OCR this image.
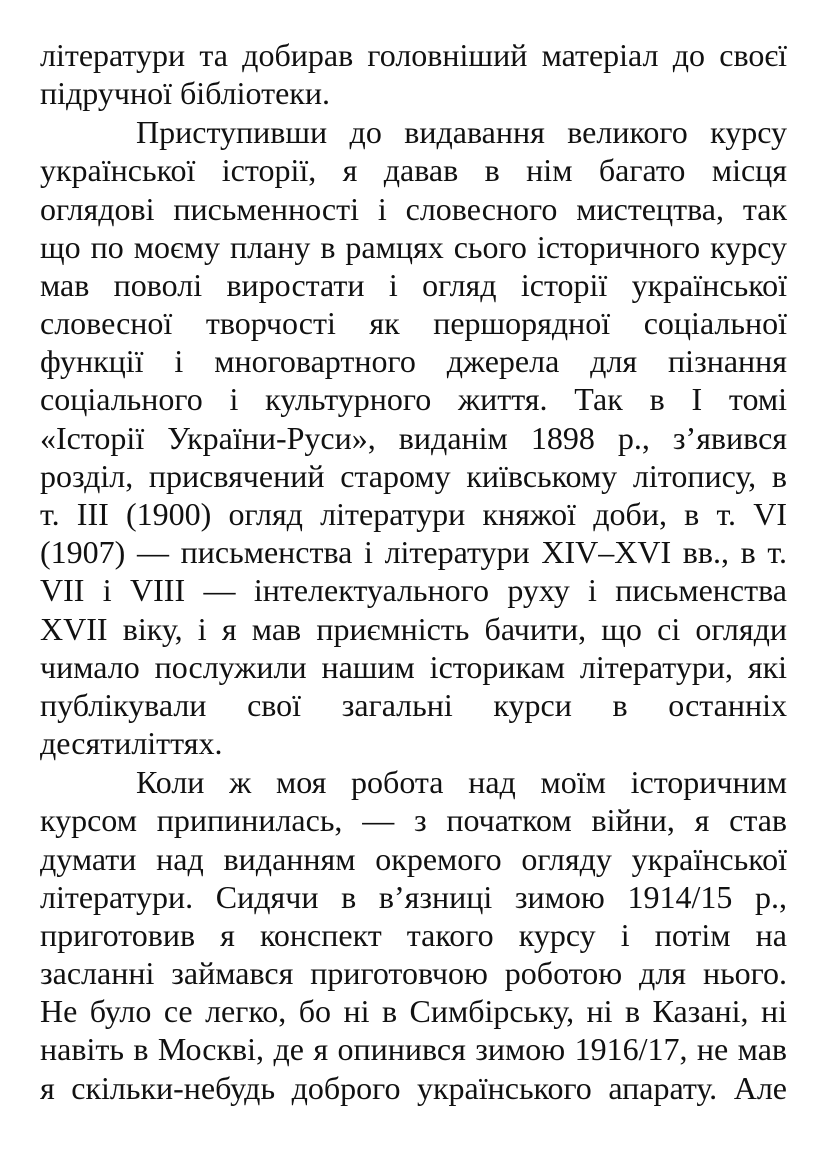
літератури та добирав головніший матеріал до своєї
підручної бібліотеки.
Приступивши до видавання великого курсу
української історії, я давав в нім багато місця
оглядові письменності і словесного мистецтва, так
що по моєму плану в рамцях сього історичного курсу
мав поволі виростати і огляд історії української
словесної творчості як першорядної соціальної
функції і многовартного джерела для пізнання
соціального і культурного життя. Так в І томі
«Історії України-Руси», виданім 1898 р., з’явився
розділ, присвячений старому київському літопису, в
т. ІІІ (1900) огляд літератури княжої доби, в т. VI
(1907) — письменства і літератури XIV–XVI вв., в т.
VII і VIII — інтелектуального руху і письменства
XVII віку, і я мав приємність бачити, що сі огляди
чимало послужили нашим історикам літератури, які
публікували свої загальні курси в останніх
десятиліттях.
Коли ж моя робота над моїм історичним
курсом припинилась, — з початком війни, я став
думати над виданням окремого огляду української
літератури. Сидячи в в’язниці зимою 1914/15 р.,
приготовив я конспект такого курсу і потім на
засланні займався приготовчою роботою для нього.
Не було се легко, бо ні в Симбірську, ні в Казані, ні
навіть в Москві, де я опинився зимою 1916/17, не мав
я скільки-небудь доброго українського апарату. Але
